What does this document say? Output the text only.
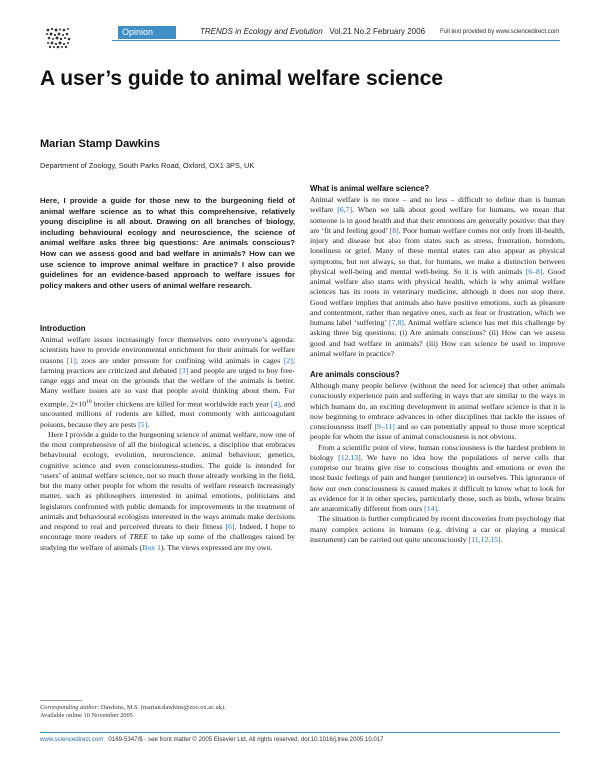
Opinion	TRENDS in Ecology and Evolution Vol.21 No.2 February 2006 Full text provided by www.sciencedirect.com
A user’s guide to animal welfare science
Marian Stamp Dawkins
Department of Zoology, South Parks Road, Oxford, OX1 3PS, UK
Here, I provide a guide for those new to the burgeoning field of animal welfare science as to what this comprehensive, relatively young discipline is all about. Drawing on all branches of biology, including behavioural ecology and neuroscience, the science of animal welfare asks three big questions: Are animals conscious? How can we assess good and bad welfare in animals? How can we use science to improve animal welfare in practice? I also provide guidelines for an evidence-based approach to welfare issues for policy makers and other users of animal welfare research.
Introduction

Animal welfare issues increasingly force themselves onto everyone’s agenda: scientists have to provide environmental enrichment for their animals for welfare reasons [1]; zoos are under pressure for confining wild animals in cages [2]; farming practices are criticized and debated [3] and people are urged to buy free-range eggs and meat on the grounds that the welfare of the animals is better. Many welfare issues are so vast that people avoid thinking about them. For example, $2\times 10^{10}$ broiler chickens are killed for meat worldwide each year [4], and uncounted millions of rodents are killed, most commonly with anticoagulant poisons, because they are pests [5].

Here I provide a guide to the burgeoning science of animal welfare, now one of the most comprehensive of all the biological sciences, a discipline that embraces behavioural ecology, evolution, neuroscience, animal behaviour, genetics, cognitive science and even consciousness-studies. The guide is intended for ‘users’ of animal welfare science, not so much those already working in the field, but the many other people for whom the results of welfare research increasingly matter, such as philosophers interested in animal emotions, politicians and legislators confronted with public demands for improvements in the treatment of animals and behavioural ecologists interested in the ways animals make decisions and respond to real and perceived threats to their fitness [6]. Indeed, I hope to encourage more readers of TREE to take up some of the challenges raised by studying the welfare of animals (Box 1). The views expressed are my own.

What is animal welfare science?

Animal welfare is no more – and no less – difficult to define than is human welfare [6,7]. When we talk about good welfare for humans, we mean that someone is in good health and that their emotions are generally positive: that they are ‘fit and feeling good’ [8]. Poor human welfare comes not only from ill-health, injury and disease but also from states such as stress, frustration, boredom, loneliness or grief. Many of these mental states can also appear as physical symptoms, but not always, so that, for humans, we make a distinction between physical well-being and mental well-being. So it is with animals [6–8]. Good animal welfare also starts with physical health, which is why animal welfare sciences has its roots in veterinary medicine, although it does not stop there. Good welfare implies that animals also have positive emotions, such as pleasure and contentment, rather than negative ones, such as fear or frustration, which we humans label ‘suffering’ [7,8]. Animal welfare science has met this challenge by asking three big questions: (i) Are animals conscious? (ii) How can we assess good and bad welfare in animals? (iii) How can science be used to improve animal welfare in practice?

Are animals conscious?

Although many people believe (without the need for science) that other animals consciously experience pain and suffering in ways that are similar to the ways in which humans do, an exciting development in animal welfare science is that it is now beginning to embrace advances in other disciplines that tackle the issues of consciousness itself [9–11] and so can potentially appeal to those more sceptical people for whom the issue of animal consciousness is not obvious.

From a scientific point of view, human consciousness is the hardest problem in biology [12,13]. We have no idea how the populations of nerve cells that comprise our brains give rise to conscious thoughts and emotions or even the most basic feelings of pain and hunger (sentience) in ourselves. This ignorance of how our own consciousness is caused makes it difficult to know what to look for as evidence for it in other species, particularly those, such as birds, whose brains are anatomically different from ours [14].

The situation is further complicated by recent discoveries from psychology that many complex actions in humans (e.g. driving a car or playing a musical instrument) can be carried out quite unconsciously [11,12,15].

Corresponding author: Dawkins, M.S. (marian.dawkins@zoo.ox.ac.uk).
Available online 10 November 2005
www.sciencedirect.com 0169-5347/$ - see front matter © 2005 Elsevier Ltd. All rights reserved. doi:10.1016/j.tree.2005.10.017
